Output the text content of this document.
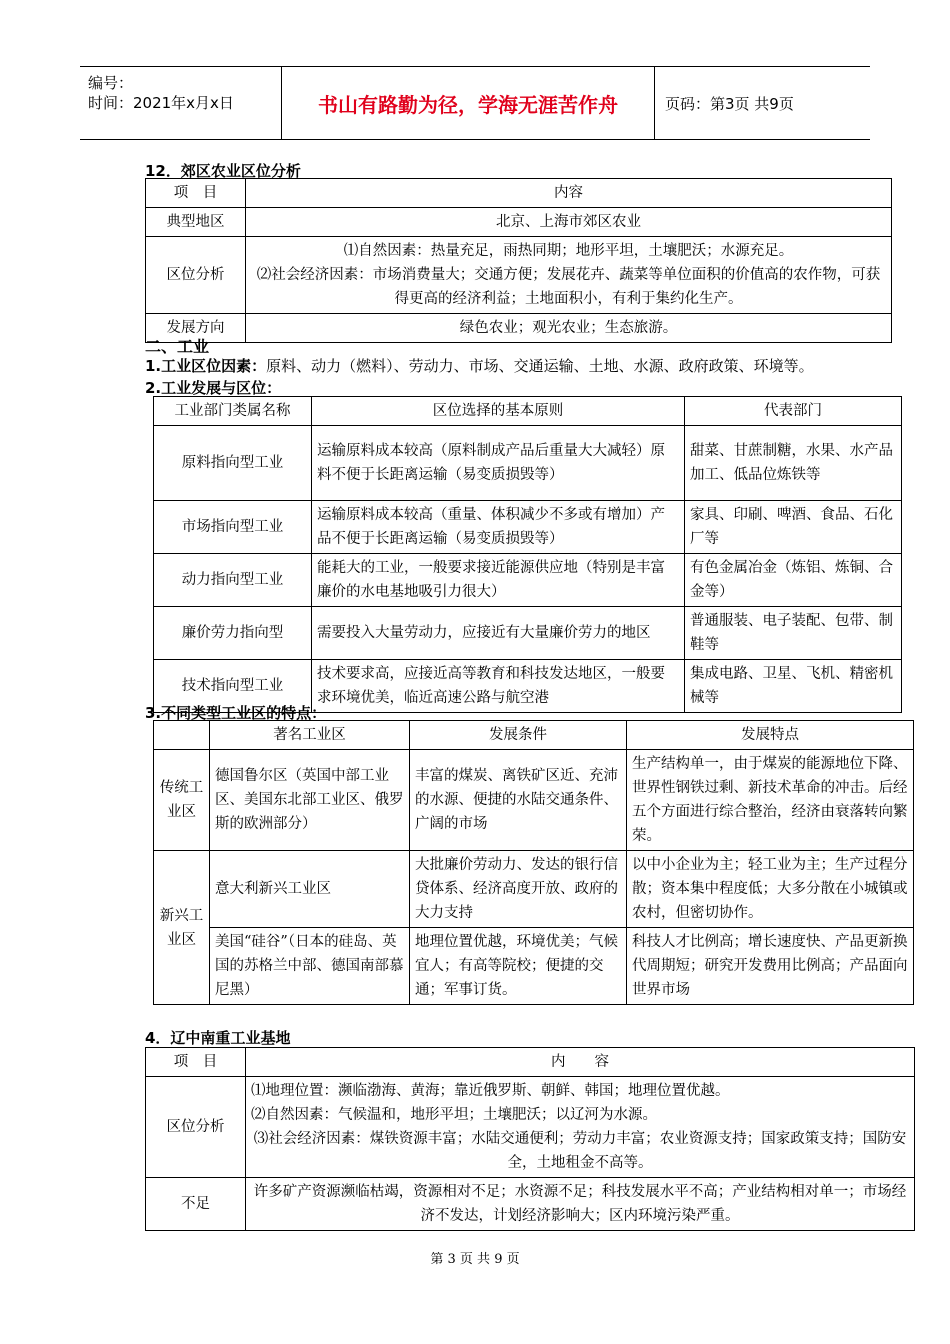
编号：
时间：2021年x月x日	书山有路勤为径，学海无涯苦作舟	页码：第3页 共9页
12．郊区农业区位分析
项　目	内容
典型地区	北京、上海市郊区农业
区位分析	⑴自然因素：热量充足，雨热同期；地形平坦，土壤肥沃；水源充足。
⑵社会经济因素：市场消费量大；交通方便；发展花卉、蔬菜等单位面积的价值高的农作物，可获得更高的经济利益；土地面积小，有利于集约化生产。

发展方向	绿色农业；观光农业；生态旅游。
二、工业
1.工业区位因素：原料、动力（燃料）、劳动力、市场、交通运输、土地、水源、政府政策、环境等。
2.工业发展与区位：
工业部门类属名称	区位选择的基本原则	代表部门
原料指向型工业	运输原料成本较高（原料制成产品后重量大大减轻）原料不便于长距离运输（易变质损毁等）	甜菜、甘蔗制糖，水果、水产品加工、低品位炼铁等
市场指向型工业	运输原料成本较高（重量、体积减少不多或有增加）产品不便于长距离运输（易变质损毁等）	家具、印刷、啤酒、食品、石化厂等
动力指向型工业	能耗大的工业，一般要求接近能源供应地（特别是丰富廉价的水电基地吸引力很大）	有色金属冶金（炼铝、炼铜、合金等）
廉价劳力指向型	需要投入大量劳动力，应接近有大量廉价劳力的地区	普通服装、电子装配、包带、制鞋等
技术指向型工业	技术要求高，应接近高等教育和科技发达地区，一般要求环境优美，临近高速公路与航空港	集成电路、卫星、飞机、精密机械等
3.不同类型工业区的特点：
	著名工业区	发展条件	发展特点
传统工业区	德国鲁尔区（英国中部工业区、美国东北部工业区、俄罗斯的欧洲部分）	丰富的煤炭、离铁矿区近、充沛的水源、便捷的水陆交通条件、广阔的市场	生产结构单一，由于煤炭的能源地位下降、世界性钢铁过剩、新技术革命的冲击。后经五个方面进行综合整治，经济由衰落转向繁荣。
新兴工业区	意大利新兴工业区	大批廉价劳动力、发达的银行信贷体系、经济高度开放、政府的大力支持	以中小企业为主；轻工业为主；生产过程分散；资本集中程度低；大多分散在小城镇或农村，但密切协作。
	美国“硅谷”（日本的硅岛、英国的苏格兰中部、德国南部慕尼黑）	地理位置优越，环境优美；气候宜人；有高等院校；便捷的交通；军事订货。	科技人才比例高；增长速度快、产品更新换代周期短；研究开发费用比例高；产品面向世界市场
4．辽中南重工业基地
项　目	内　　容
区位分析	⑴地理位置：濒临渤海、黄海；靠近俄罗斯、朝鲜、韩国；地理位置优越。
⑵自然因素：气候温和，地形平坦；土壤肥沃；以辽河为水源。
⑶社会经济因素：煤铁资源丰富；水陆交通便利；劳动力丰富；农业资源支持；国家政策支持；国防安全，土地租金不高等。

不足	许多矿产资源濒临枯竭，资源相对不足；水资源不足；科技发展水平不高；产业结构相对单一；市场经济不发达，计划经济影响大；区内环境污染严重。
第 3 页 共 9 页
